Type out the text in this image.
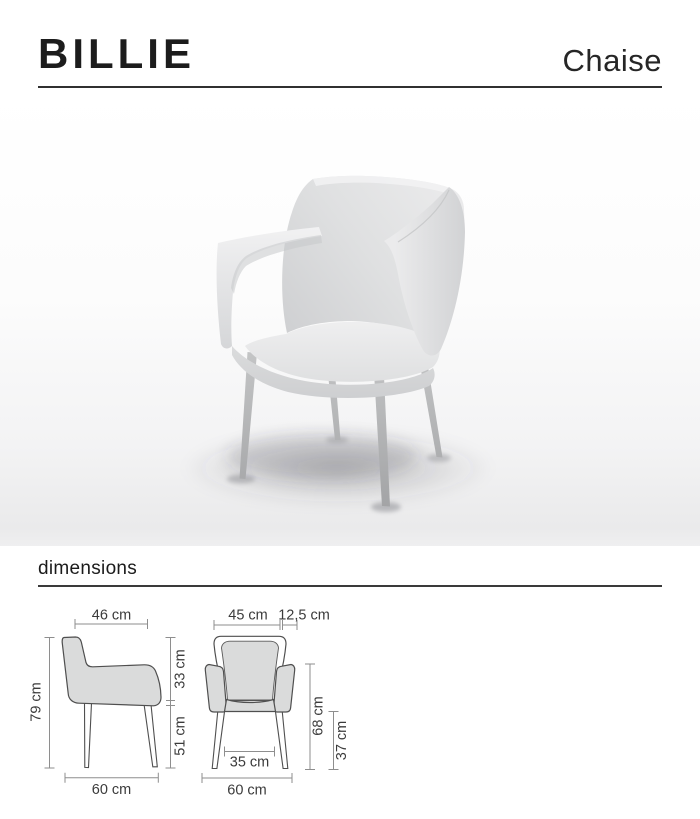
BILLIE	Chaise
dimensions
46 cm
79 cm
33 cm
51 cm
60 cm
45 cm 12,5 cm
68 cm
37 cm
35 cm
60 cm
